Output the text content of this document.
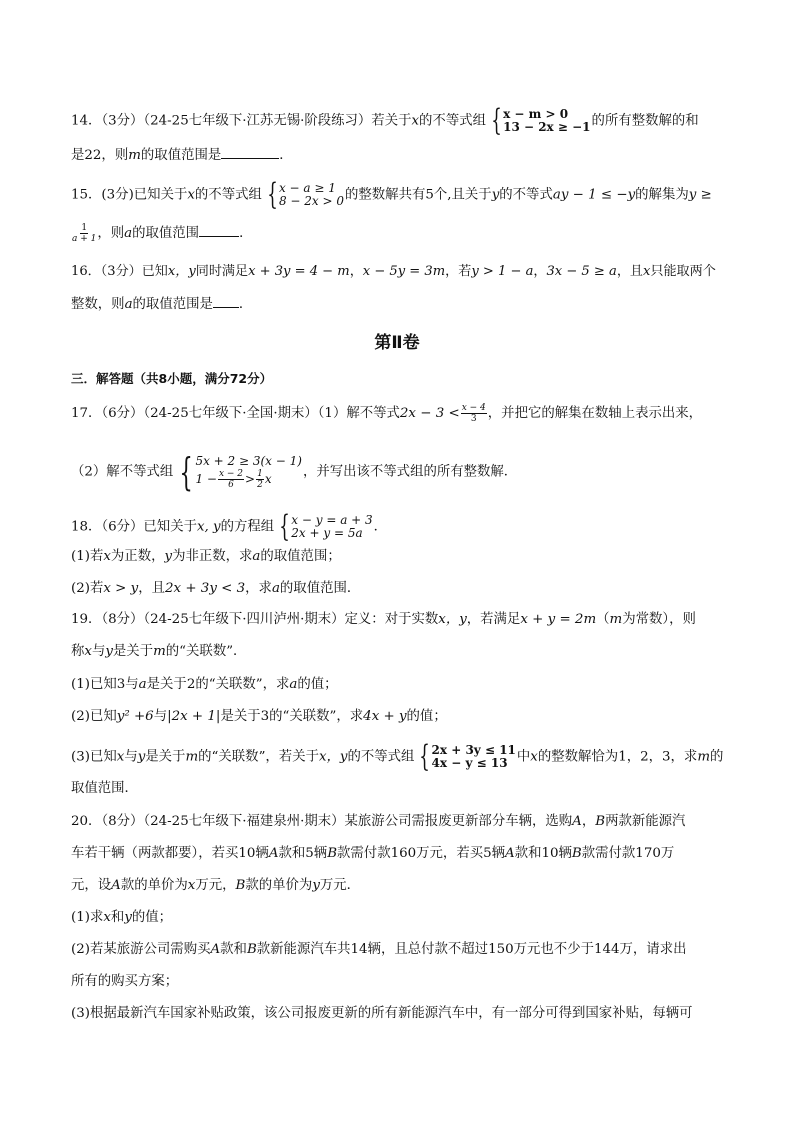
14．（3分）（24-25七年级下·江苏无锡·阶段练习）若关于x的不等式组 { x − m > 0
13 − 2x ≥ −1 的所有整数解的和
是22，则m的取值范围是	．
15．(3分)已知关于x的不等式组 { x − a ≥ 1
8 − 2x > 0 的整数解共有5个,且关于y的不等式ay − 1 ≤ −y的解集为y ≥
$\frac{1}{a + 1}$ ，则a的取值范围	．
16．（3分）已知x，y同时满足x + 3y = 4 − m，x − 5y = 3m，若y > 1 − a，3x − 5 ≥ a，且x只能取两个
整数，则a的取值范围是 ．
第Ⅱ卷
三．解答题（共8小题，满分72分）
17．（6分）（24-25七年级下·全国·期末）（1）解不等式$2x - 3 < \frac{x - 4}{3}$ ，并把它的解集在数轴上表示出来，
（2）解不等式组 { 5x + 2 ≥ 3(x − 1)
$1 - \frac{x - 2}{6} > \frac{1}{2}$ x ，并写出该不等式组的所有整数解．
18．（6分）已知关于x, y的方程组 { x − y = a + 3
2x + y = 5a ．
(1)若x为正数，y为非正数，求a的取值范围；
(2)若x > y，且2x + 3y < 3，求a的取值范围．
19．（8分）（24-25七年级下·四川泸州·期末）定义：对于实数x，y，若满足x + y = 2m（m为常数），则
称x与y是关于m的“关联数”．
(1)已知3与a是关于2的“关联数”，求a的值；
(2)已知y² +6与|2x + 1|是关于3的“关联数”，求4x + y的值；
(3)已知x与y是关于m的“关联数”，若关于x，y的不等式组 { 2x + 3y ≤ 11
4x − y ≤ 13 中x的整数解恰为1，2，3，求m的
取值范围．
20．（8分）（24-25七年级下·福建泉州·期末）某旅游公司需报废更新部分车辆，选购A，B两款新能源汽
车若干辆（两款都要），若买10辆A款和5辆B款需付款160万元，若买5辆A款和10辆B款需付款170万
元，设A款的单价为x万元，B款的单价为y万元．
(1)求x和y的值；
(2)若某旅游公司需购买A款和B款新能源汽车共14辆，且总付款不超过150万元也不少于144万，请求出
所有的购买方案；
(3)根据最新汽车国家补贴政策，该公司报废更新的所有新能源汽车中，有一部分可得到国家补贴，每辆可
